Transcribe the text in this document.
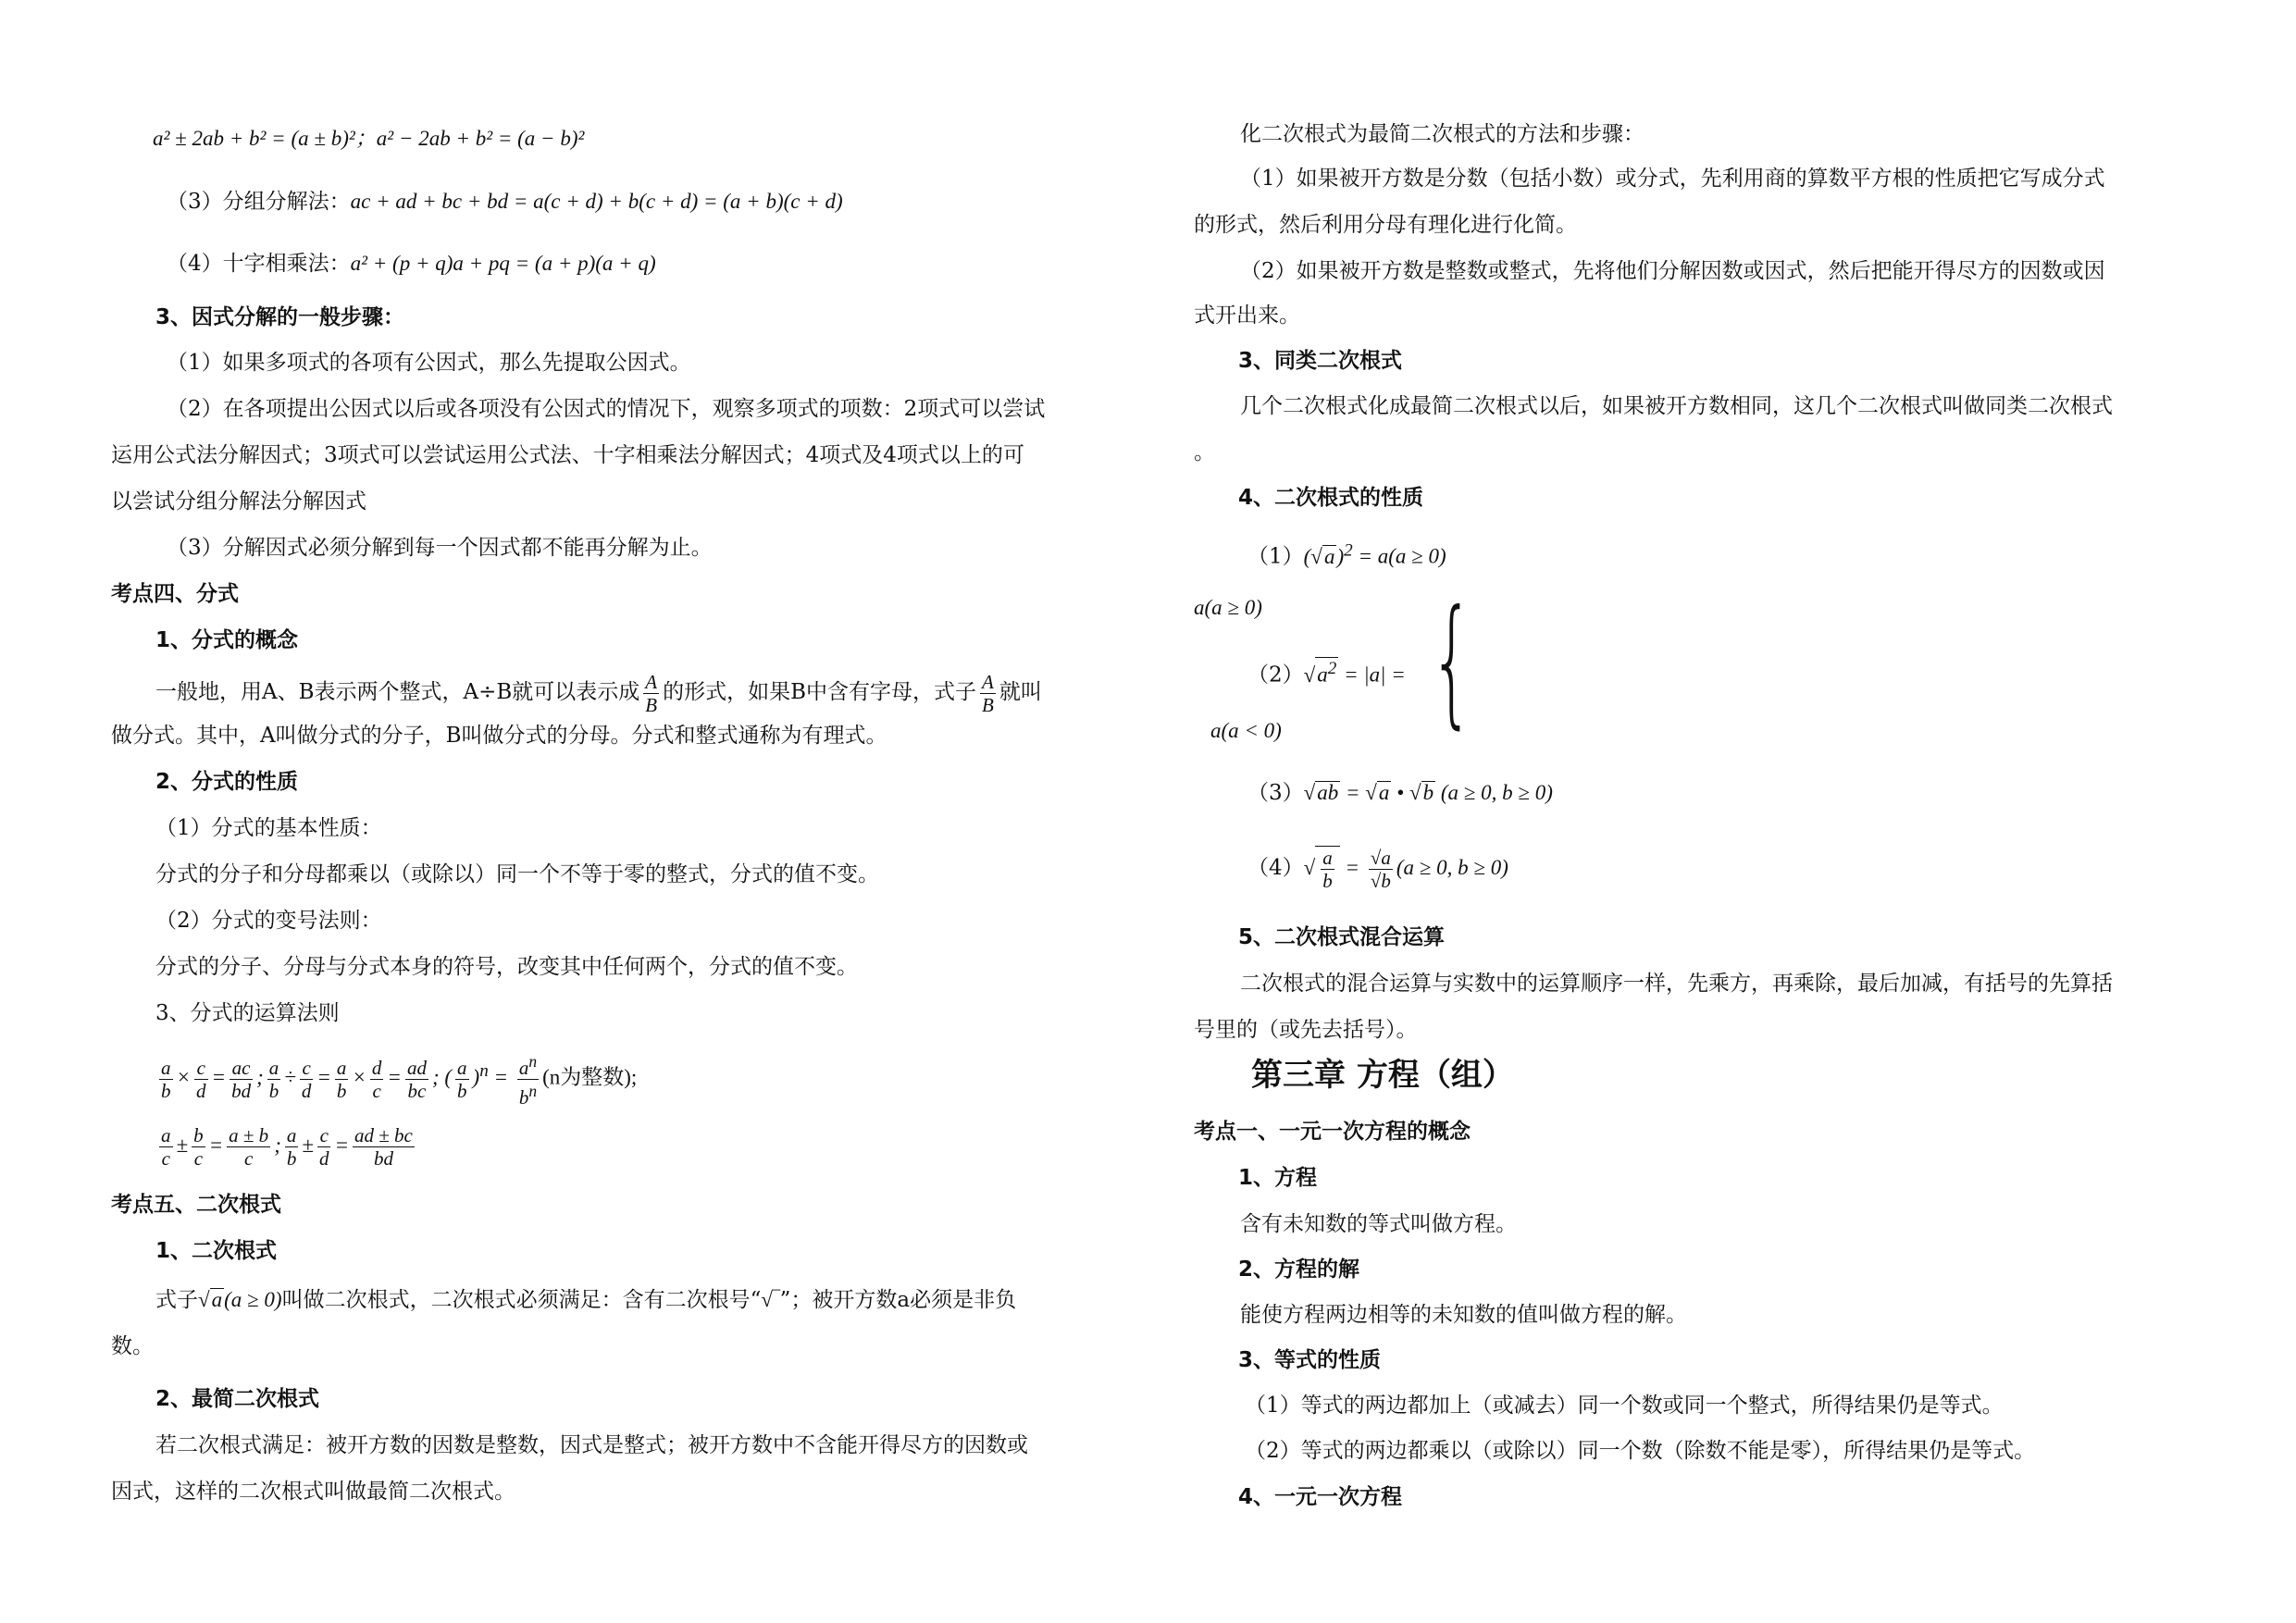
a² ± 2ab + b² = (a ± b)²；a² − 2ab + b² = (a − b)²
（3）分组分解法：ac + ad + bc + bd = a(c + d) + b(c + d) = (a + b)(c + d)
（4）十字相乘法：a² + (p + q)a + pq = (a + p)(a + q)
3、因式分解的一般步骤：
（1）如果多项式的各项有公因式，那么先提取公因式。
（2）在各项提出公因式以后或各项没有公因式的情况下，观察多项式的项数：2项式可以尝试
运用公式法分解因式；3项式可以尝试运用公式法、十字相乘法分解因式；4项式及4项式以上的可
以尝试分组分解法分解因式
（3）分解因式必须分解到每一个因式都不能再分解为止。
考点四、分式
1、分式的概念
一般地，用A、B表示两个整式，A÷B就可以表示成 $\frac{A}{B}$ 的形式，如果B中含有字母，式子 $\frac{A}{B}$ 就叫
做分式。其中，A叫做分式的分子，B叫做分式的分母。分式和整式通称为有理式。
2、分式的性质
（1）分式的基本性质：
分式的分子和分母都乘以（或除以）同一个不等于零的整式，分式的值不变。
（2）分式的变号法则：
分式的分子、分母与分式本身的符号，改变其中任何两个，分式的值不变。
3、分式的运算法则
$\frac{a}{b} \times \frac{c}{d} = \frac{ac}{bd}$ ; $\frac{a}{b} \div \frac{c}{d} = \frac{a}{b} \times \frac{d}{c} = \frac{ad}{bc}$ ; ( $\frac{a}{b} )^n = \frac{a^n}{b^n} (n$为整数);
$\frac{a}{c} \pm \frac{b}{c} = \frac{a \pm b}{c}$ ; $\frac{a}{b} \pm \frac{c}{d} = \frac{ad \pm bc}{bd}$
考点五、二次根式
1、二次根式
式子√a(a ≥ 0)叫做二次根式，二次根式必须满足：含有二次根号“√‾”；被开方数a必须是非负
数。
2、最简二次根式
若二次根式满足：被开方数的因数是整数，因式是整式；被开方数中不含能开得尽方的因数或
因式，这样的二次根式叫做最简二次根式。
化二次根式为最简二次根式的方法和步骤：
（1）如果被开方数是分数（包括小数）或分式，先利用商的算数平方根的性质把它写成分式
的形式，然后利用分母有理化进行化简。
（2）如果被开方数是整数或整式，先将他们分解因数或因式，然后把能开得尽方的因数或因
式开出来。
3、同类二次根式
几个二次根式化成最简二次根式以后，如果被开方数相同，这几个二次根式叫做同类二次根式
。
4、二次根式的性质
$(1)(√a)^2 = a(a \ge 0)$
a(a ≥ 0)
$(2)√a^2 = |a|$ = {
a(a < 0)
（3）√ab = √a • √b (a ≥ 0, b ≥ 0)
$(4)√ \frac{a}{b} = \frac{√a}{√b} (a \ge 0$, b ≥ 0)
5、二次根式混合运算
二次根式的混合运算与实数中的运算顺序一样，先乘方，再乘除，最后加减，有括号的先算括
号里的（或先去括号）。
第三章 方程（组）
考点一、一元一次方程的概念
1、方程
含有未知数的等式叫做方程。
2、方程的解
能使方程两边相等的未知数的值叫做方程的解。
3、等式的性质
（1）等式的两边都加上（或减去）同一个数或同一个整式，所得结果仍是等式。
（2）等式的两边都乘以（或除以）同一个数（除数不能是零），所得结果仍是等式。
4、一元一次方程
